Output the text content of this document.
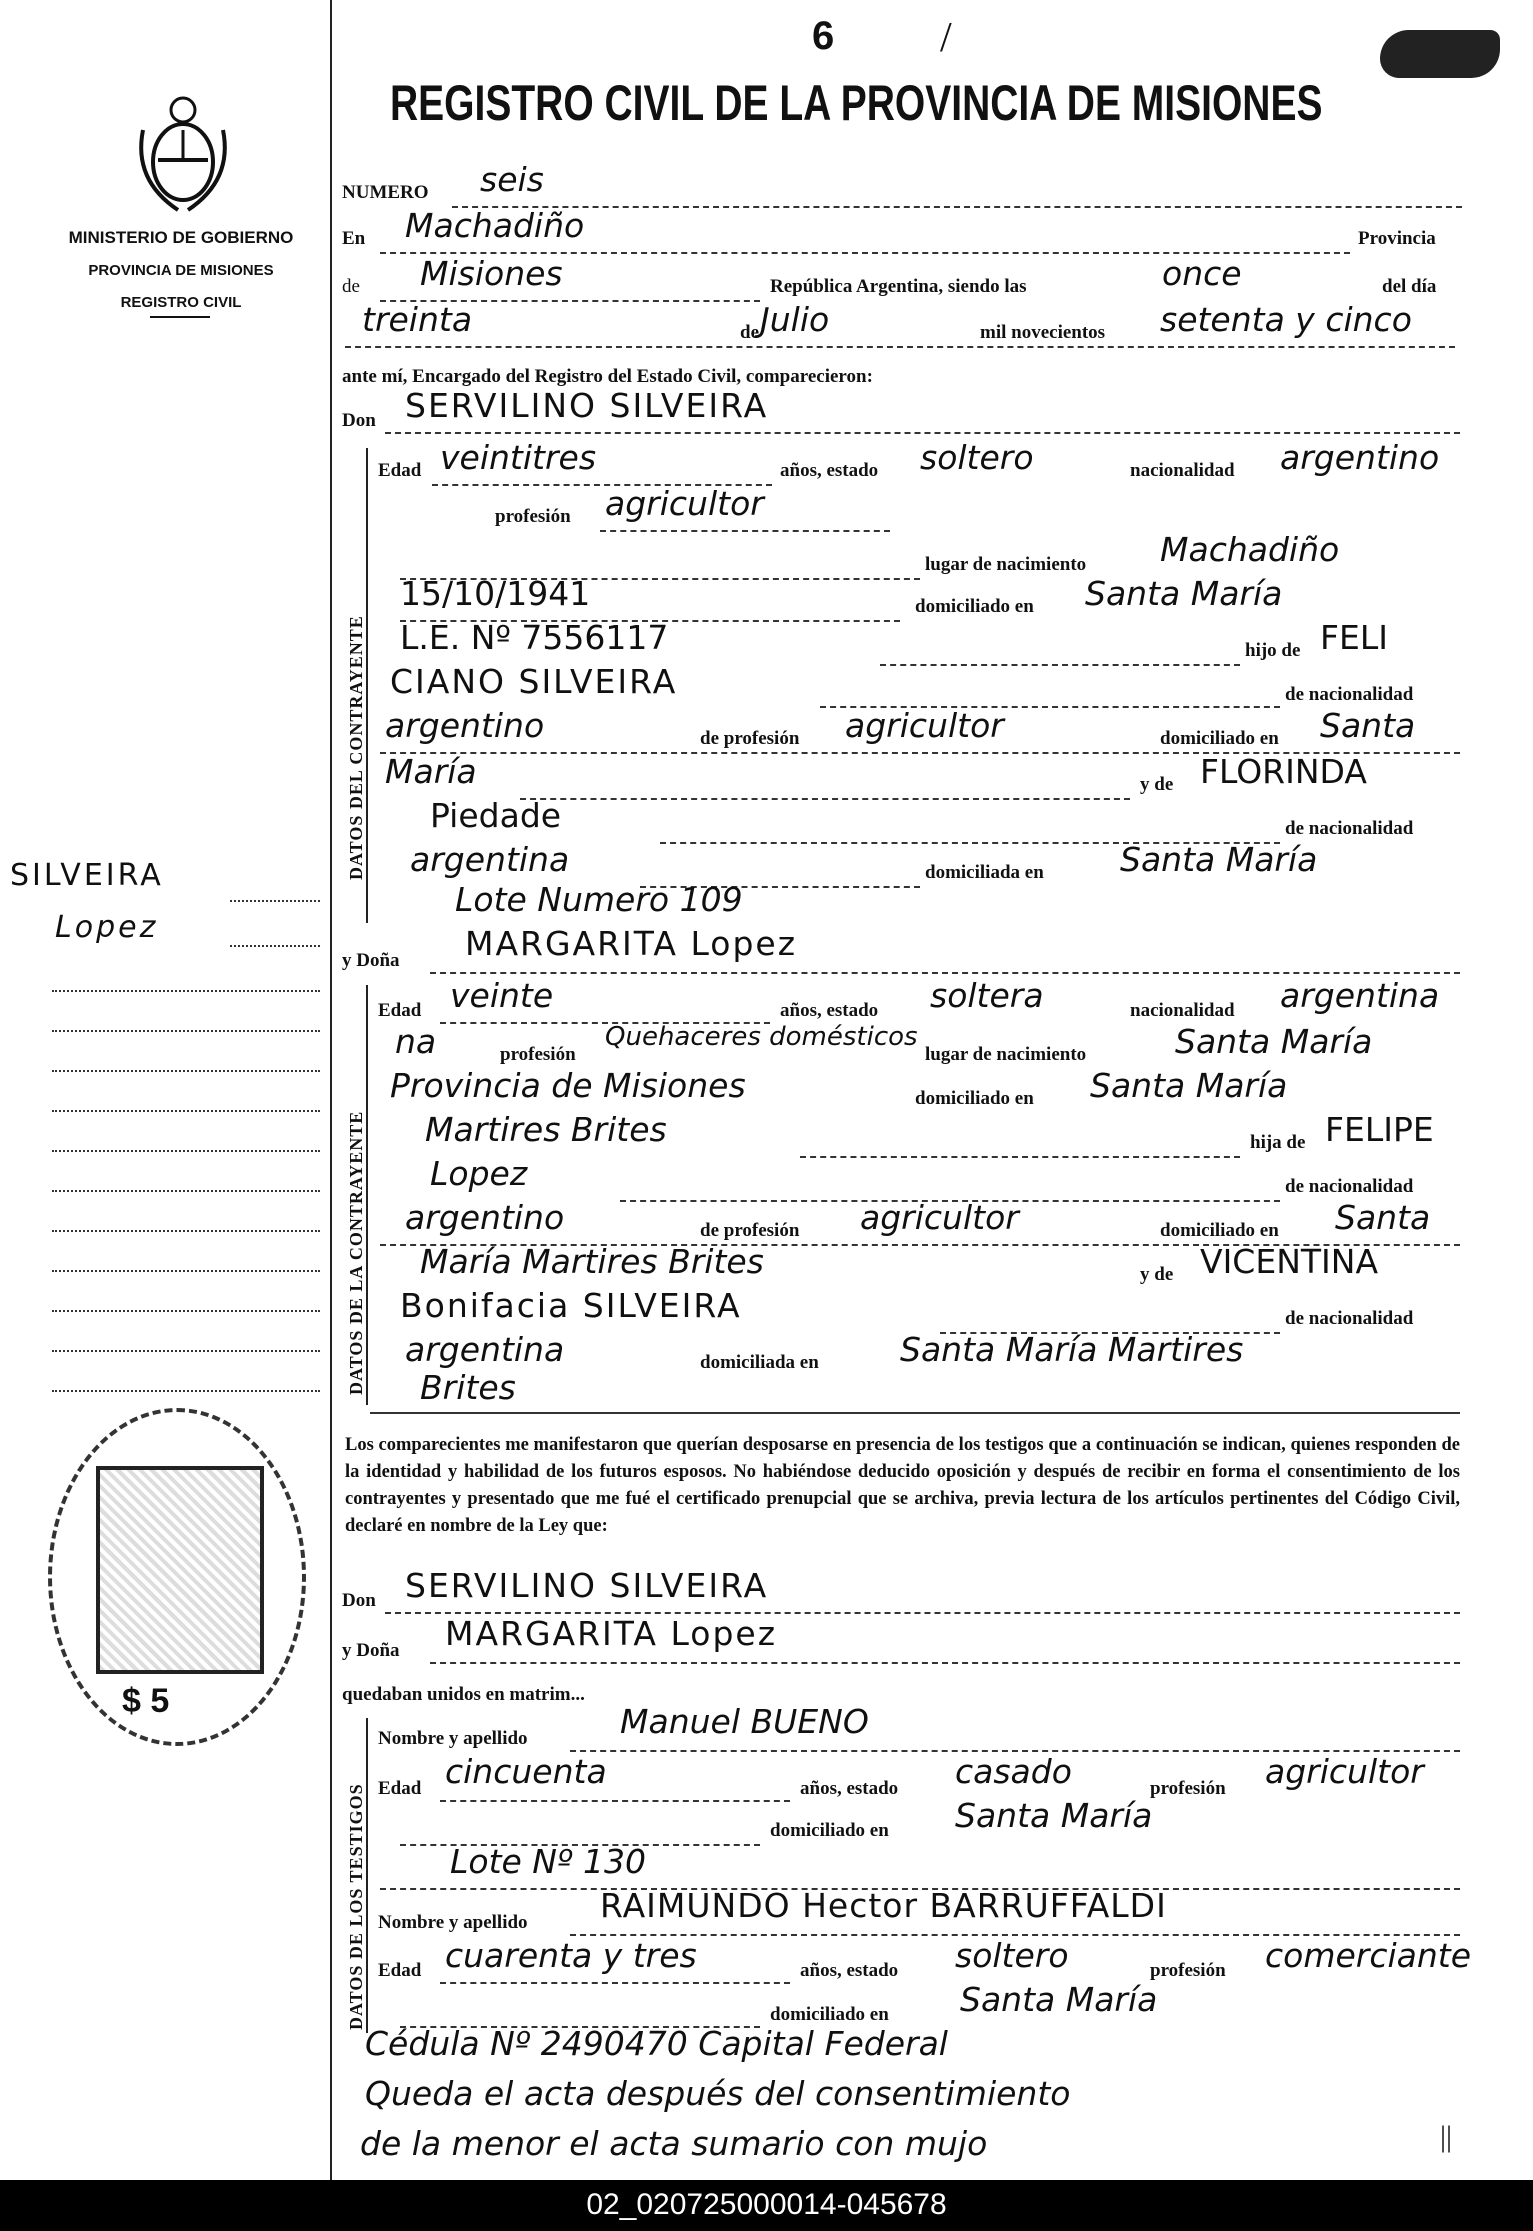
6	/
REGISTRO CIVIL DE LA PROVINCIA DE MISIONES
MINISTERIO DE GOBIERNO
PROVINCIA DE MISIONES
REGISTRO CIVIL
SILVEIRA
Lopez
$ 5
NUMERO seis
En Machadiño	Provincia
de Misiones	República Argentina, siendo las	once	del día
treinta	de Julio	mil novecientos setenta y cinco
ante mí, Encargado del Registro del Estado Civil, comparecieron:
Don SERVILINO SILVEIRA
DATOS DEL CONTRAYENTE
Edad veintitres	años, estado soltero	nacionalidad argentino
profesión agricultor
lugar de nacimiento Machadiño
15/10/1941	domiciliado en Santa María
L.E. Nº 7556117	hijo de FELI
CIANO SILVEIRA	de nacionalidad
argentino	de profesión agricultor	domiciliado en Santa
María	y de FLORINDA
Piedade	de nacionalidad
argentina	domiciliada en Santa María
Lote Numero 109
y Doña MARGARITA Lopez
DATOS DE LA CONTRAYENTE
Edad veinte	años, estado soltera	nacionalidad argentina
na	profesión
Quehaceres domésticos
lugar de nacimiento	Santa María
Provincia de Misiones	domiciliado en Santa María
Martires Brites	hija de FELIPE
Lopez	de nacionalidad
argentino	de profesión agricultor	domiciliado en Santa
María Martires Brites	y de VICENTINA
Bonifacia SILVEIRA	de nacionalidad
argentina	domiciliada en Santa María Martires
Brites
Los comparecientes me manifestaron que querían desposarse en presencia de los testigos que a continuación se indican, quienes responden de la identidad y habilidad de los futuros esposos. No habiéndose deducido oposición y después de recibir en forma el consentimiento de los contrayentes y presentado que me fué el certificado prenupcial que se archiva, previa lectura de los artículos pertinentes del Código Civil, declaré en nombre de la Ley que:
Don SERVILINO SILVEIRA
y Doña MARGARITA Lopez
quedaban unidos en matrim...
DATOS DE LOS TESTIGOS
Nombre y apellido	Manuel BUENO
Edad cincuenta	años, estado casado	profesión agricultor
domiciliado en Santa María
Lote Nº 130
Nombre y apellido RAIMUNDO Hector BARRUFFALDI
Edad cuarenta y tres	años, estado soltero	profesión comerciante
domiciliado en Santa María
Cédula Nº 2490470 Capital Federal
Queda el acta después del consentimiento
de la menor el acta sumario con mujo	||
02_020725000014-045678
